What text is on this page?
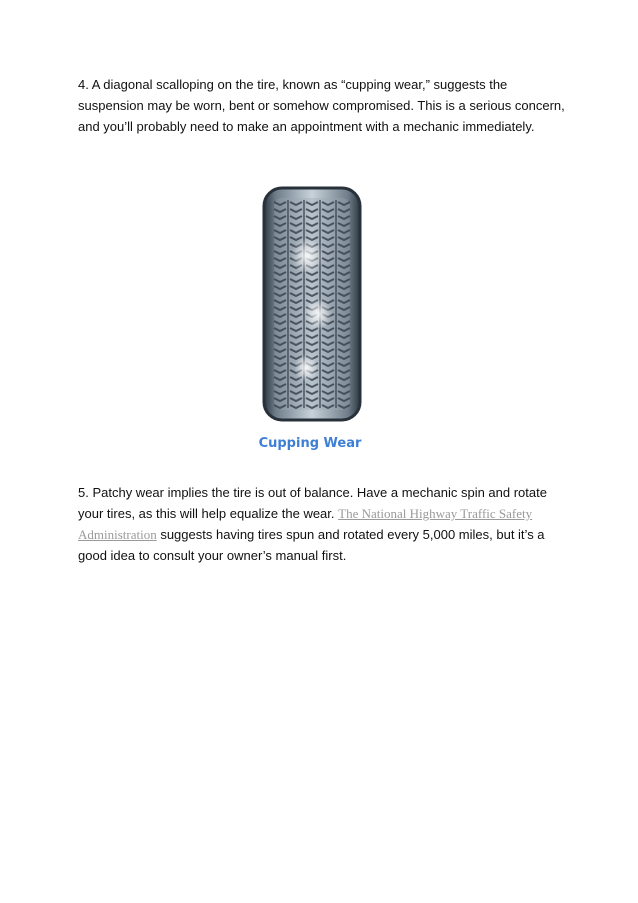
4. A diagonal scalloping on the tire, known as “cupping wear,” suggests the suspension may be worn, bent or somehow compromised. This is a serious concern, and you’ll probably need to make an appointment with a mechanic immediately.

Cupping Wear

5. Patchy wear implies the tire is out of balance. Have a mechanic spin and rotate your tires, as this will help equalize the wear. The National Highway Traffic Safety Administration suggests having tires spun and rotated every 5,000 miles, but it’s a good idea to consult your owner’s manual first.
